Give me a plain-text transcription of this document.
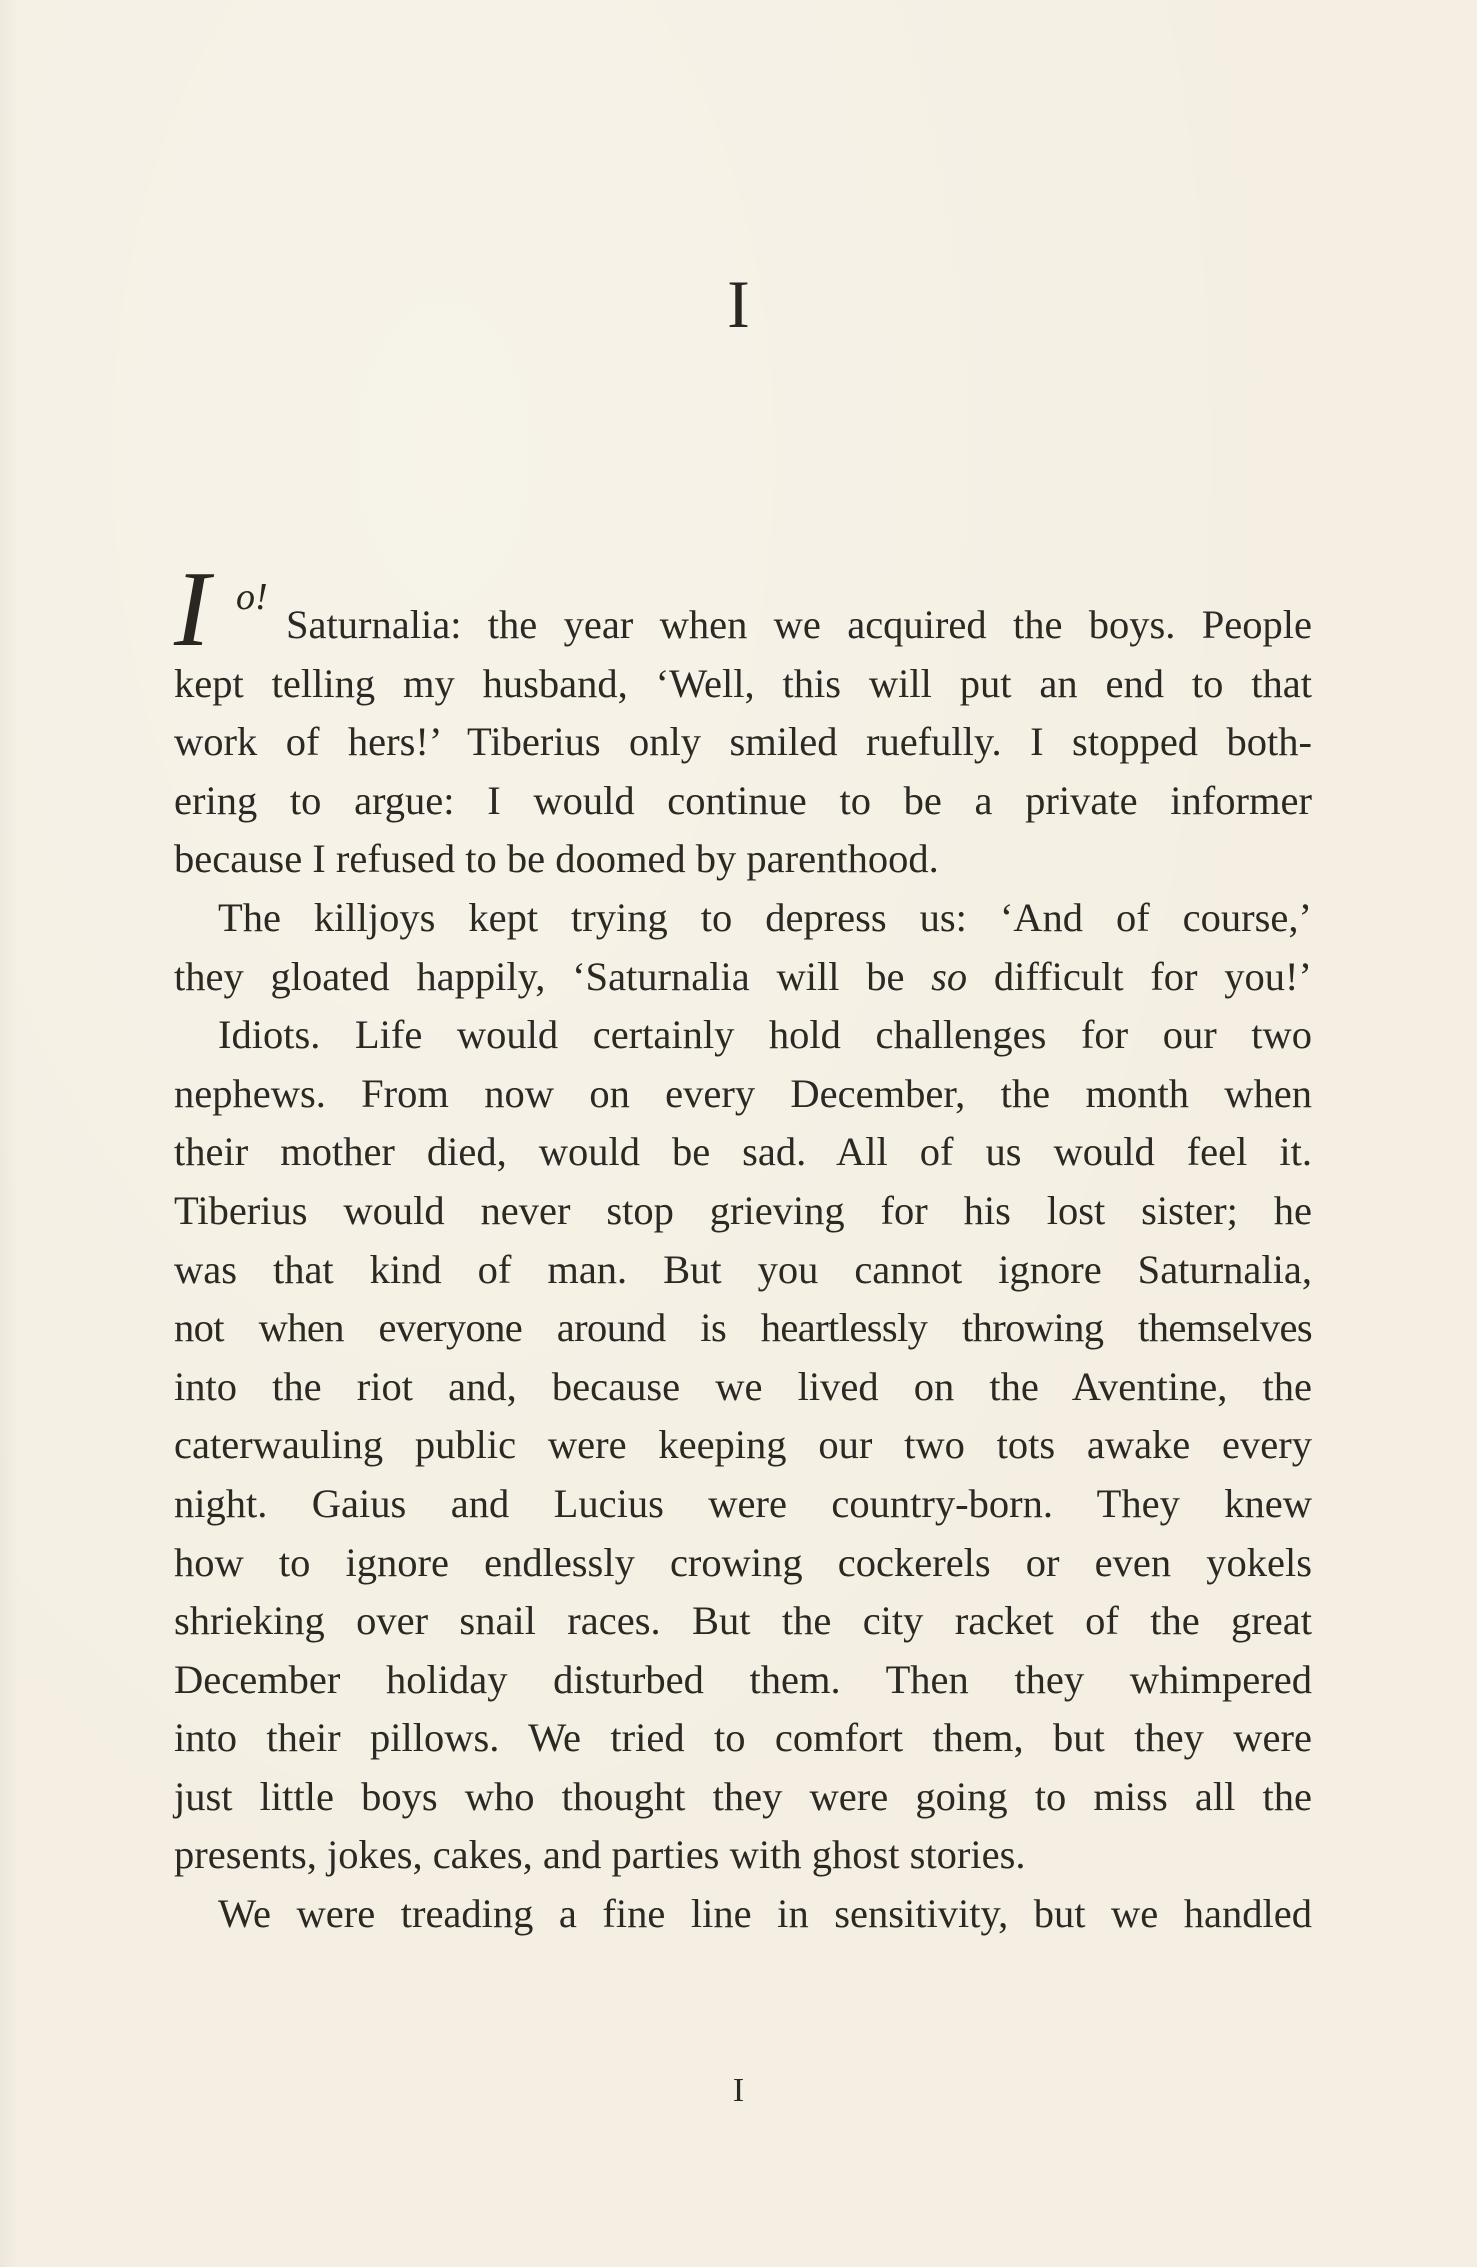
I
I o!
Saturnalia: the year when we acquired the boys. People
kept telling my husband, ‘Well, this will put an end to that
work of hers!’ Tiberius only smiled ruefully. I stopped both-
ering to argue: I would continue to be a private informer
because I refused to be doomed by parenthood.
The killjoys kept trying to depress us: ‘And of course,’
they gloated happily, ‘Saturnalia will be so difficult for you!’
Idiots. Life would certainly hold challenges for our two
nephews. From now on every December, the month when
their mother died, would be sad. All of us would feel it.
Tiberius would never stop grieving for his lost sister; he
was that kind of man. But you cannot ignore Saturnalia,
not when everyone around is heartlessly throwing themselves
into the riot and, because we lived on the Aventine, the
caterwauling public were keeping our two tots awake every
night. Gaius and Lucius were country-born. They knew
how to ignore endlessly crowing cockerels or even yokels
shrieking over snail races. But the city racket of the great
December holiday disturbed them. Then they whimpered
into their pillows. We tried to comfort them, but they were
just little boys who thought they were going to miss all the
presents, jokes, cakes, and parties with ghost stories.
We were treading a fine line in sensitivity, but we handled
I
